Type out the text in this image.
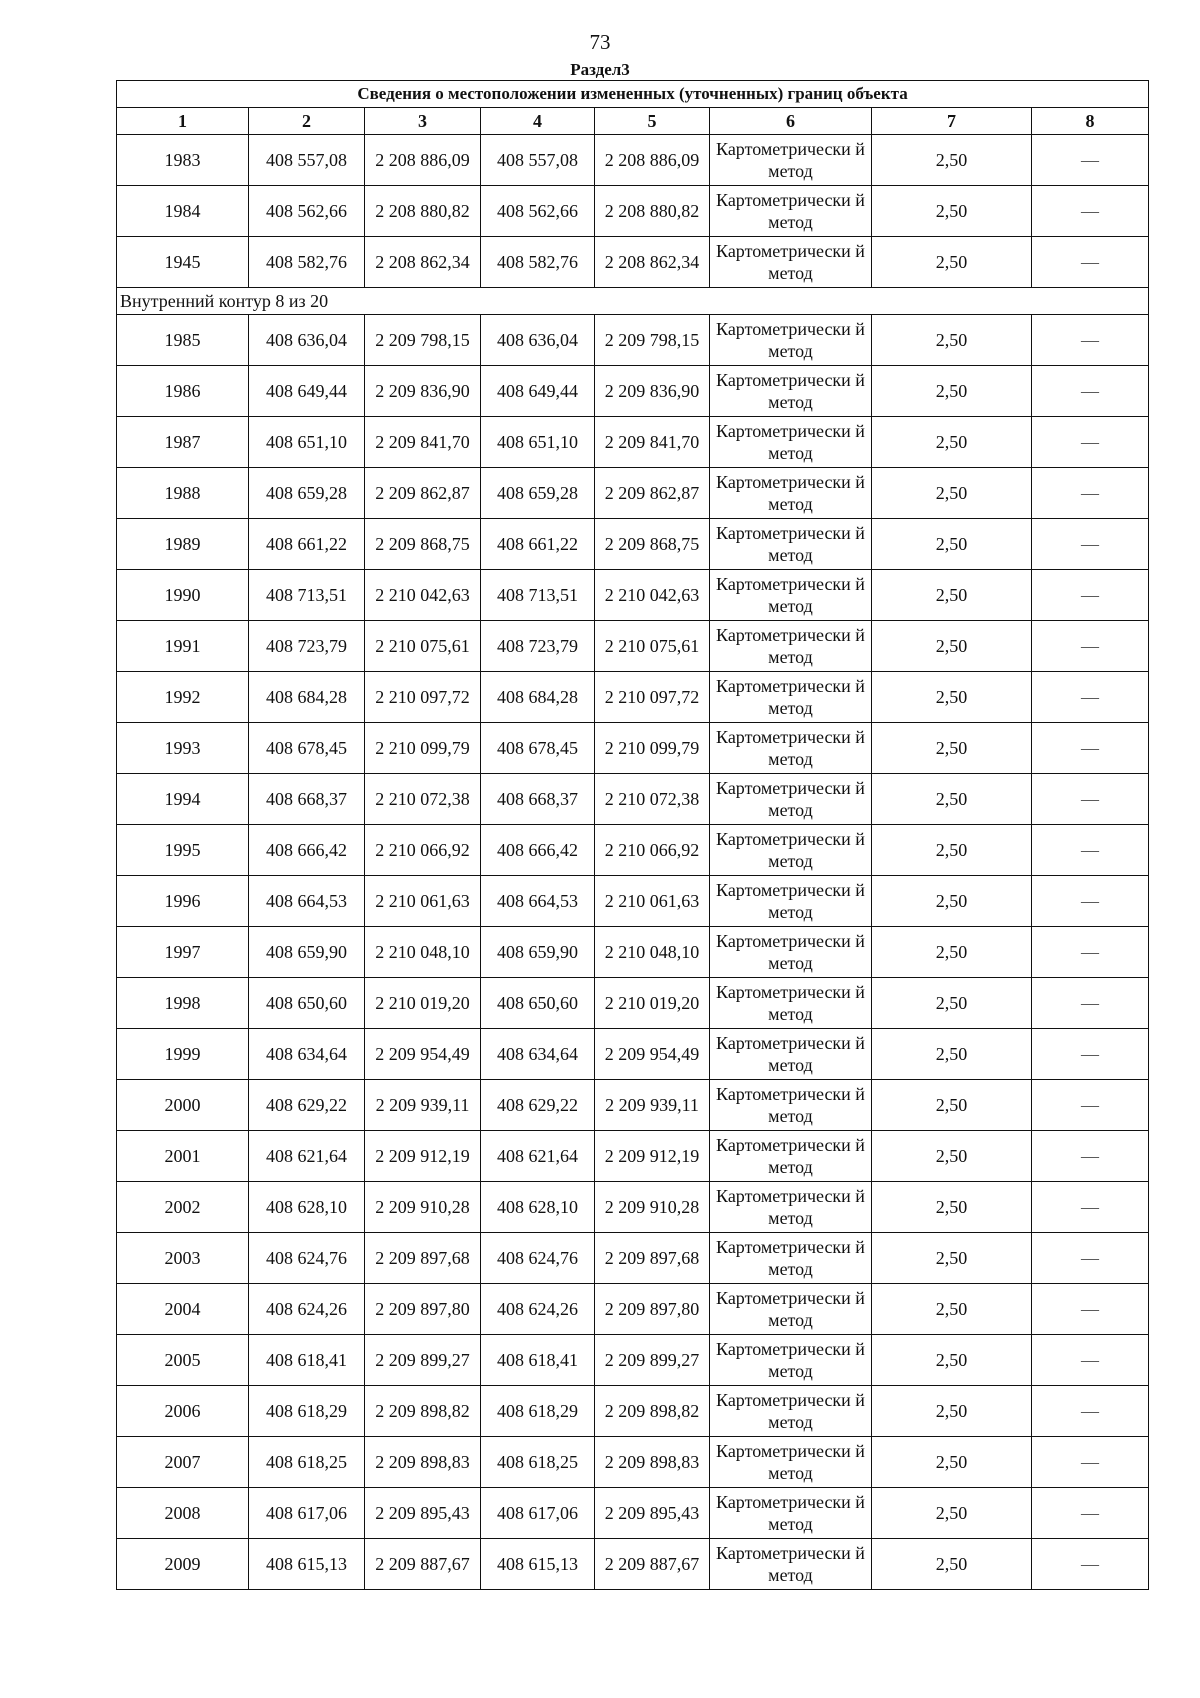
73
Раздел3
Сведения о местоположении измененных (уточненных) границ объекта							
1	2	3	4	5	6	7	8
1983	408 557,08	2 208 886,09	408 557,08	2 208 886,09	Картометрически й метод	2,50	—
1984	408 562,66	2 208 880,82	408 562,66	2 208 880,82	Картометрически й метод	2,50	—
1945	408 582,76	2 208 862,34	408 582,76	2 208 862,34	Картометрически й метод	2,50	—
Внутренний контур 8 из 20							
1985	408 636,04	2 209 798,15	408 636,04	2 209 798,15	Картометрически й метод	2,50	—
1986	408 649,44	2 209 836,90	408 649,44	2 209 836,90	Картометрически й метод	2,50	—
1987	408 651,10	2 209 841,70	408 651,10	2 209 841,70	Картометрически й метод	2,50	—
1988	408 659,28	2 209 862,87	408 659,28	2 209 862,87	Картометрически й метод	2,50	—
1989	408 661,22	2 209 868,75	408 661,22	2 209 868,75	Картометрически й метод	2,50	—
1990	408 713,51	2 210 042,63	408 713,51	2 210 042,63	Картометрически й метод	2,50	—
1991	408 723,79	2 210 075,61	408 723,79	2 210 075,61	Картометрически й метод	2,50	—
1992	408 684,28	2 210 097,72	408 684,28	2 210 097,72	Картометрически й метод	2,50	—
1993	408 678,45	2 210 099,79	408 678,45	2 210 099,79	Картометрически й метод	2,50	—
1994	408 668,37	2 210 072,38	408 668,37	2 210 072,38	Картометрически й метод	2,50	—
1995	408 666,42	2 210 066,92	408 666,42	2 210 066,92	Картометрически й метод	2,50	—
1996	408 664,53	2 210 061,63	408 664,53	2 210 061,63	Картометрически й метод	2,50	—
1997	408 659,90	2 210 048,10	408 659,90	2 210 048,10	Картометрически й метод	2,50	—
1998	408 650,60	2 210 019,20	408 650,60	2 210 019,20	Картометрически й метод	2,50	—
1999	408 634,64	2 209 954,49	408 634,64	2 209 954,49	Картометрически й метод	2,50	—
2000	408 629,22	2 209 939,11	408 629,22	2 209 939,11	Картометрически й метод	2,50	—
2001	408 621,64	2 209 912,19	408 621,64	2 209 912,19	Картометрически й метод	2,50	—
2002	408 628,10	2 209 910,28	408 628,10	2 209 910,28	Картометрически й метод	2,50	—
2003	408 624,76	2 209 897,68	408 624,76	2 209 897,68	Картометрически й метод	2,50	—
2004	408 624,26	2 209 897,80	408 624,26	2 209 897,80	Картометрически й метод	2,50	—
2005	408 618,41	2 209 899,27	408 618,41	2 209 899,27	Картометрически й метод	2,50	—
2006	408 618,29	2 209 898,82	408 618,29	2 209 898,82	Картометрически й метод	2,50	—
2007	408 618,25	2 209 898,83	408 618,25	2 209 898,83	Картометрически й метод	2,50	—
2008	408 617,06	2 209 895,43	408 617,06	2 209 895,43	Картометрически й метод	2,50	—
2009	408 615,13	2 209 887,67	408 615,13	2 209 887,67	Картометрически й метод	2,50	—
